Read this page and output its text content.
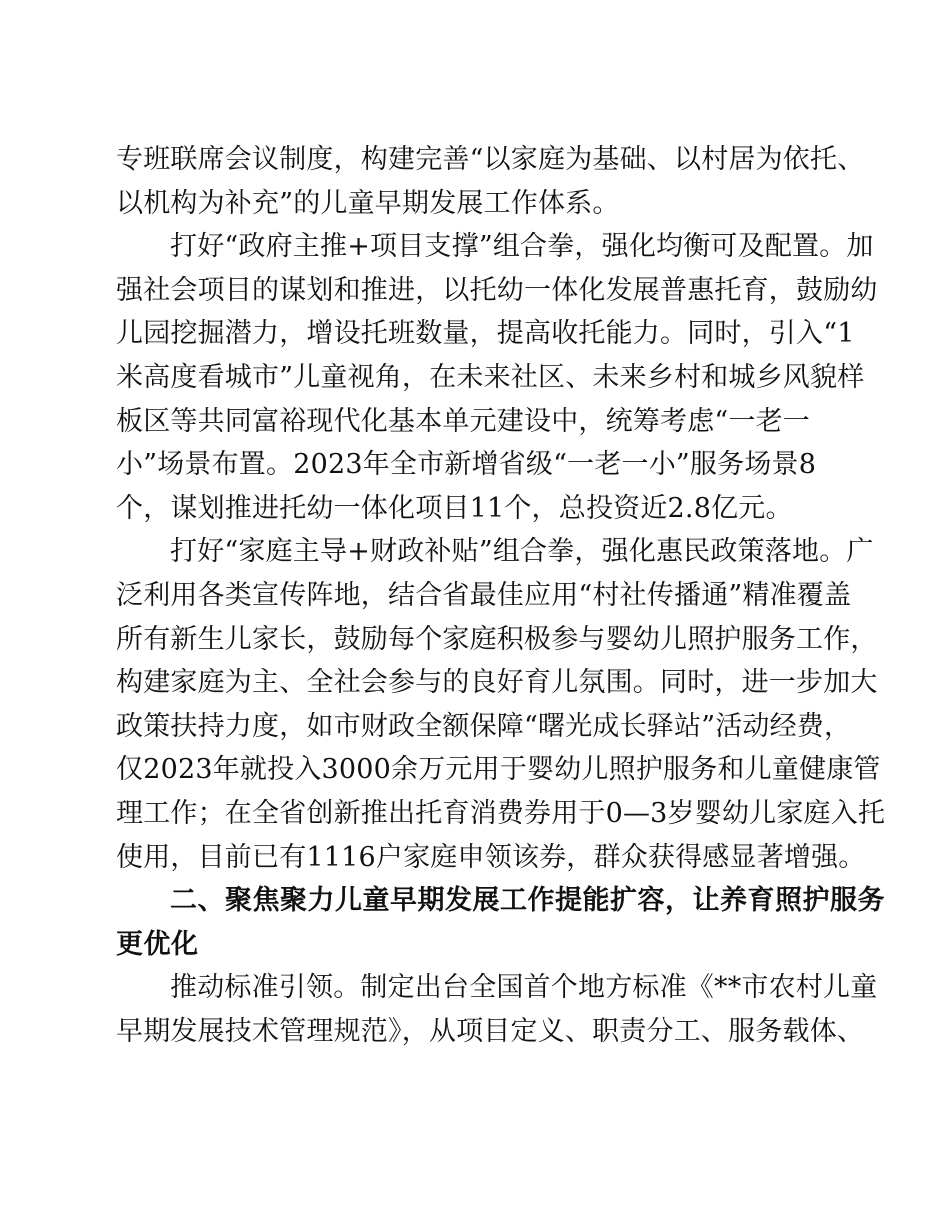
专班联席会议制度，构建完善“以家庭为基础、以村居为依托、
以机构为补充”的儿童早期发展工作体系。
打好“政府主推+项目支撑”组合拳，强化均衡可及配置。加
强社会项目的谋划和推进，以托幼一体化发展普惠托育，鼓励幼
儿园挖掘潜力，增设托班数量，提高收托能力。同时，引入“1
米高度看城市”儿童视角，在未来社区、未来乡村和城乡风貌样
板区等共同富裕现代化基本单元建设中，统筹考虑“一老一
小”场景布置。2023年全市新增省级“一老一小”服务场景8
个，谋划推进托幼一体化项目11个，总投资近2.8亿元。
打好“家庭主导+财政补贴”组合拳，强化惠民政策落地。广
泛利用各类宣传阵地，结合省最佳应用“村社传播通”精准覆盖
所有新生儿家长，鼓励每个家庭积极参与婴幼儿照护服务工作，
构建家庭为主、全社会参与的良好育儿氛围。同时，进一步加大
政策扶持力度，如市财政全额保障“曙光成长驿站”活动经费，
仅2023年就投入3000余万元用于婴幼儿照护服务和儿童健康管
理工作；在全省创新推出托育消费券用于0—3岁婴幼儿家庭入托
使用，目前已有1116户家庭申领该券，群众获得感显著增强。
二、聚焦聚力儿童早期发展工作提能扩容，让养育照护服务
更优化
推动标准引领。制定出台全国首个地方标准《**市农村儿童
早期发展技术管理规范》，从项目定义、职责分工、服务载体、
